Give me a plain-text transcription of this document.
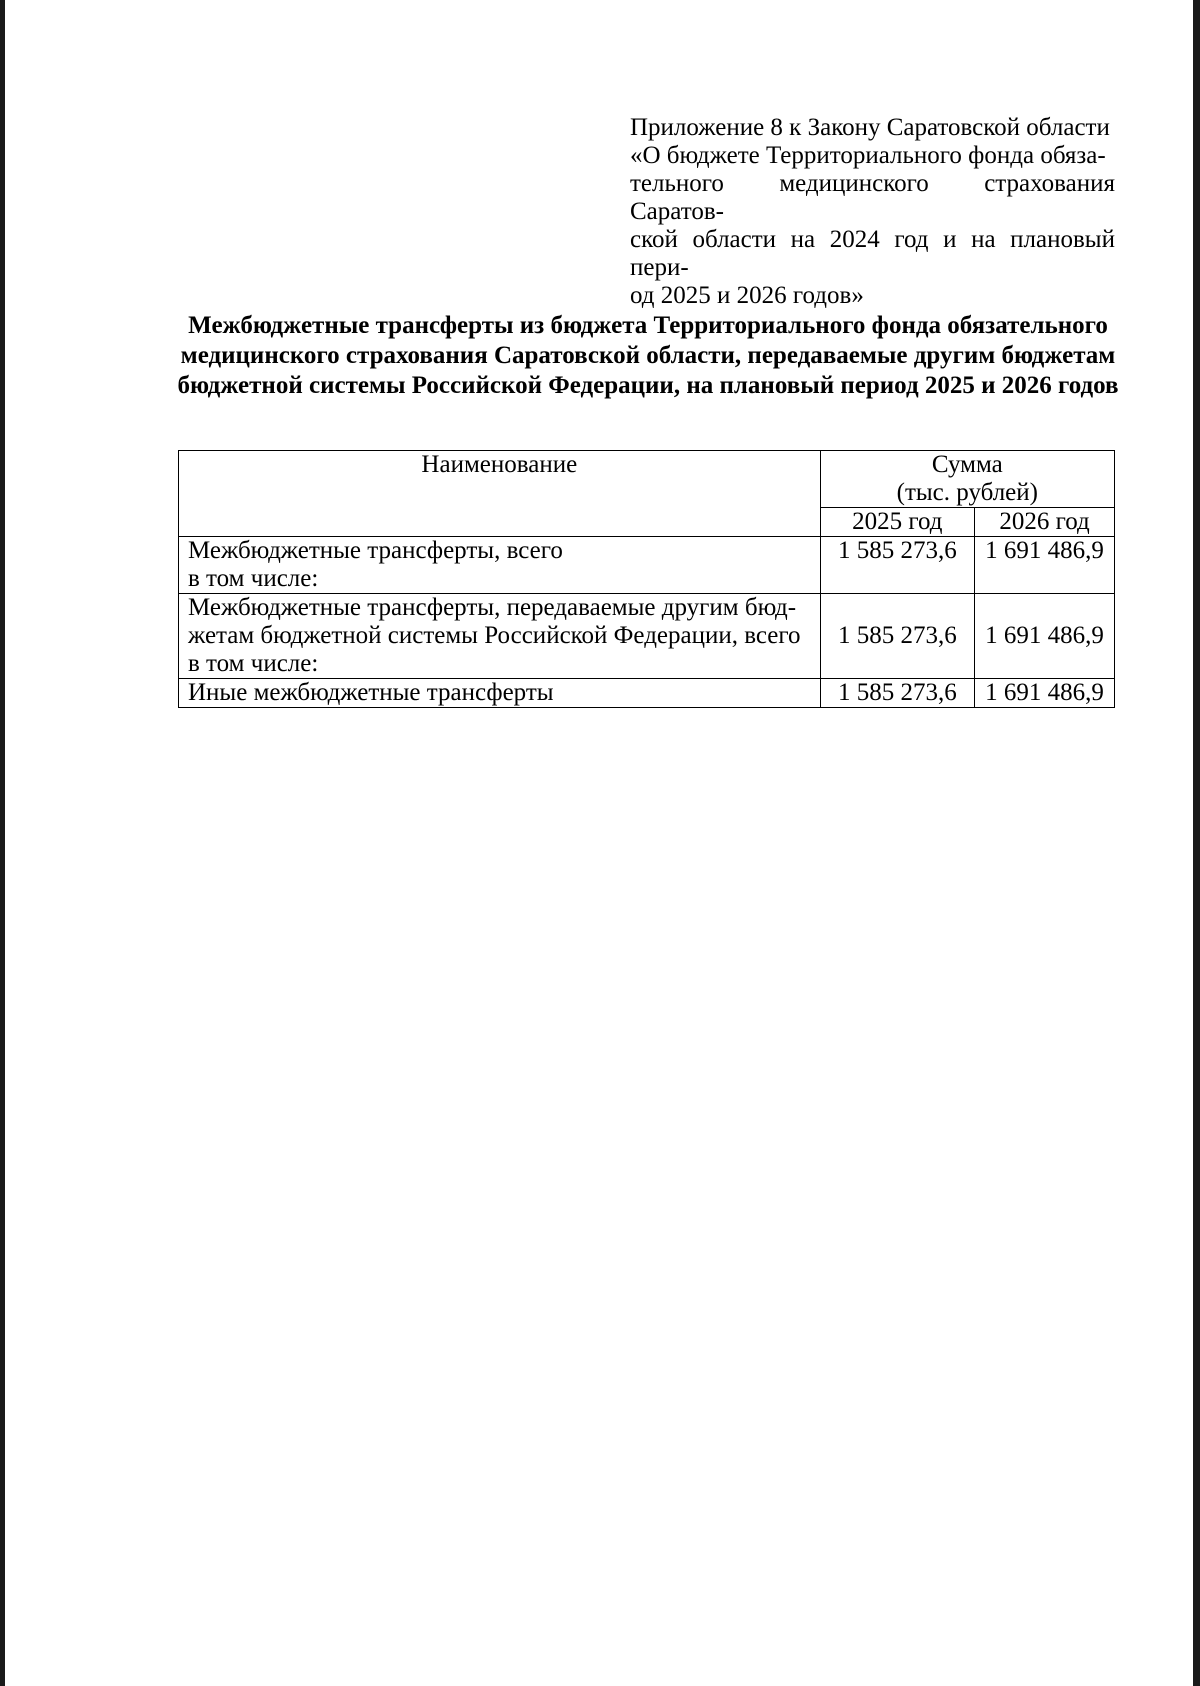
Приложение 8 к Закону Саратовской области
«О бюджете Территориального фонда обяза-
тельного медицинского страхования Саратов-
ской области на 2024 год и на плановый пери-
од 2025 и 2026 годов»
Межбюджетные трансферты из бюджета Территориального фонда обязательного
медицинского страхования Саратовской области, передаваемые другим бюджетам
бюджетной системы Российской Федерации, на плановый период 2025 и 2026 годов
Наименование	Сумма
(тыс. рублей)	

	2025 год	2026 год

Межбюджетные трансферты, всего
в том числе:	1 585 273,6	1 691 486,9

Межбюджетные трансферты, передаваемые другим бюд-
жетам бюджетной системы Российской Федерации, всего
в том числе:	1 585 273,6	1 691 486,9

Иные межбюджетные трансферты	1 585 273,6	1 691 486,9
